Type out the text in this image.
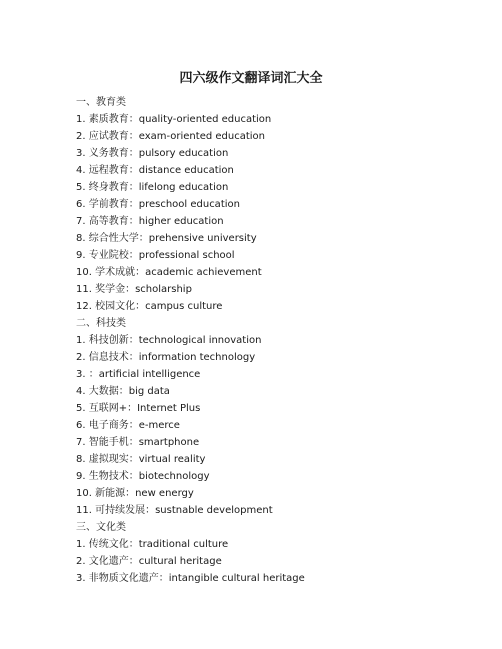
四六级作文翻译词汇大全
一、教育类
1. 素质教育：quality-oriented education
2. 应试教育：exam-oriented education
3. 义务教育：pulsory education
4. 远程教育：distance education
5. 终身教育：lifelong education
6. 学前教育：preschool education
7. 高等教育：higher education
8. 综合性大学：prehensive university
9. 专业院校：professional school
10. 学术成就：academic achievement
11. 奖学金：scholarship
12. 校园文化：campus culture
二、科技类
1. 科技创新：technological innovation
2. 信息技术：information technology
3. ：artificial intelligence
4. 大数据：big data
5. 互联网+：Internet Plus
6. 电子商务：e-merce
7. 智能手机：smartphone
8. 虚拟现实：virtual reality
9. 生物技术：biotechnology
10. 新能源：new energy
11. 可持续发展：sustnable development
三、文化类
1. 传统文化：traditional culture
2. 文化遗产：cultural heritage
3. 非物质文化遗产：intangible cultural heritage
